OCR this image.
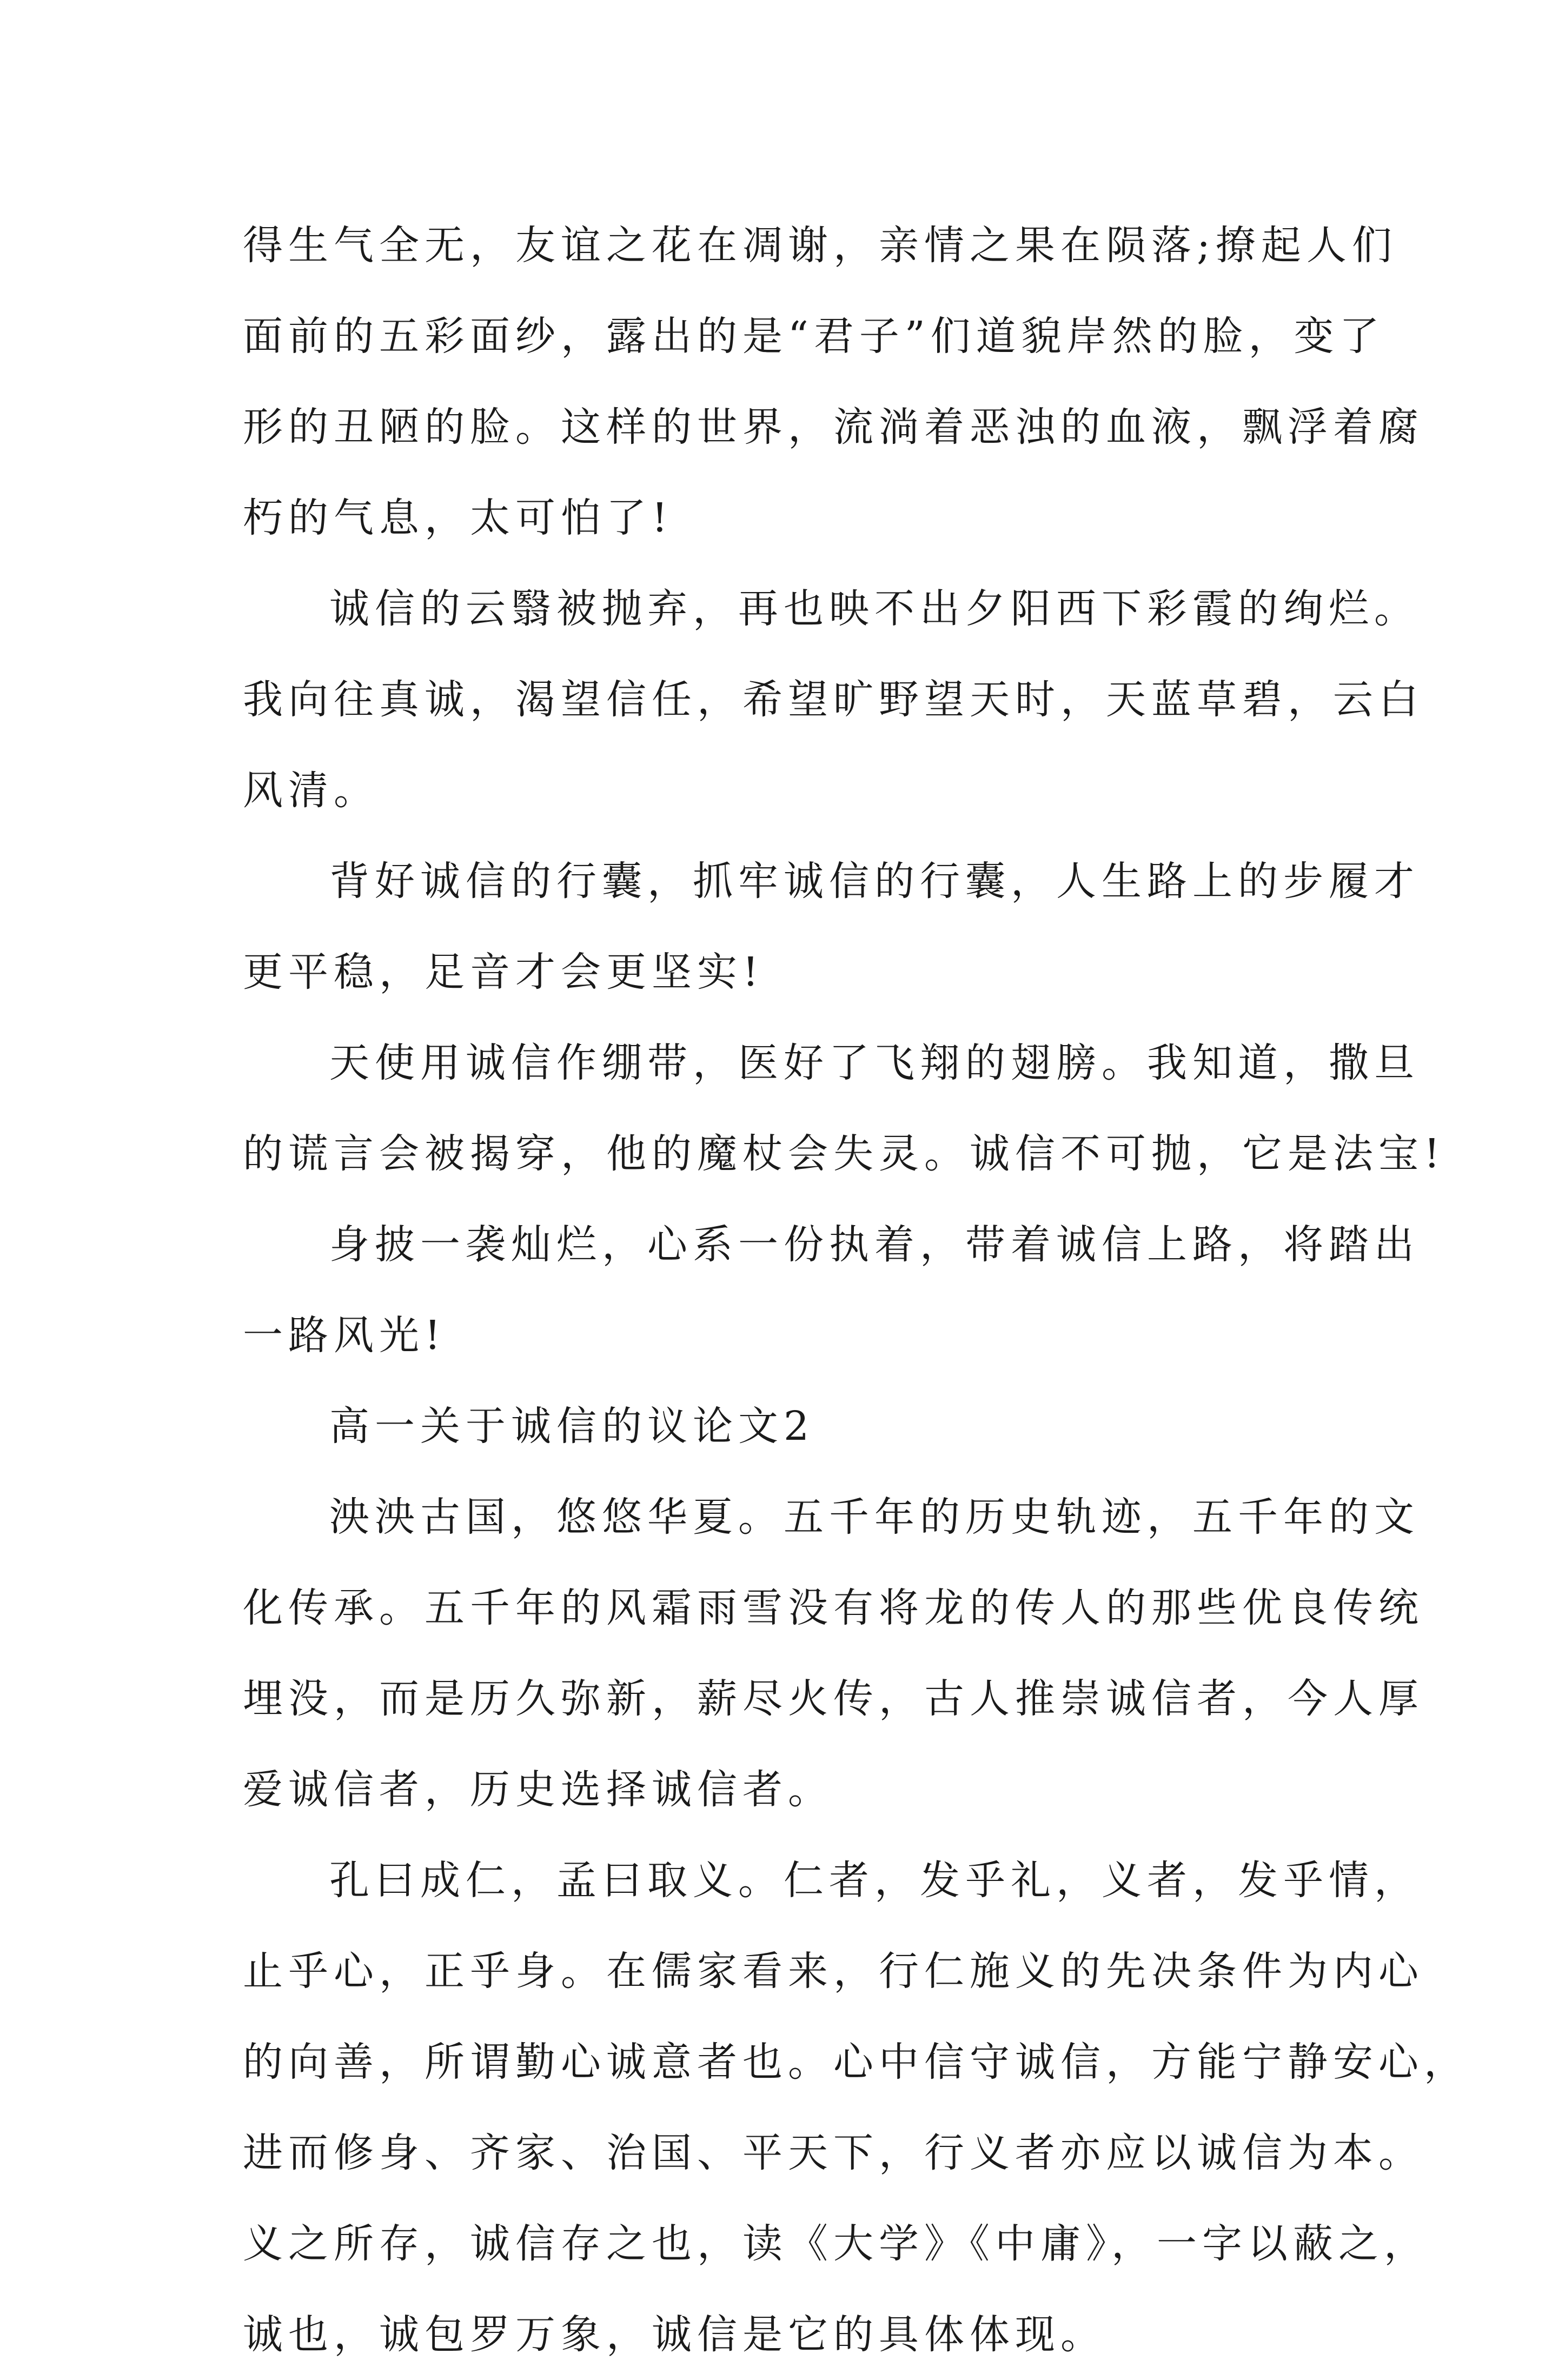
得生气全无，友谊之花在凋谢，亲情之果在陨落;撩起人们
面前的五彩面纱，露出的是“君子”们道貌岸然的脸，变了
形的丑陋的脸。这样的世界，流淌着恶浊的血液，飘浮着腐
朽的气息，太可怕了!
诚信的云翳被抛弃，再也映不出夕阳西下彩霞的绚烂。
我向往真诚，渴望信任，希望旷野望天时，天蓝草碧，云白
风清。
背好诚信的行囊，抓牢诚信的行囊，人生路上的步履才
更平稳，足音才会更坚实!
天使用诚信作绷带，医好了飞翔的翅膀。我知道，撒旦
的谎言会被揭穿，他的魔杖会失灵。诚信不可抛，它是法宝!
身披一袭灿烂，心系一份执着，带着诚信上路，将踏出
一路风光!
高一关于诚信的议论文2
泱泱古国，悠悠华夏。五千年的历史轨迹，五千年的文
化传承。五千年的风霜雨雪没有将龙的传人的那些优良传统
埋没，而是历久弥新，薪尽火传，古人推崇诚信者，今人厚
爱诚信者，历史选择诚信者。
孔曰成仁，孟曰取义。仁者，发乎礼，义者，发乎情，
止乎心，正乎身。在儒家看来，行仁施义的先决条件为内心
的向善，所谓勤心诚意者也。心中信守诚信，方能宁静安心，
进而修身、齐家、治国、平天下，行义者亦应以诚信为本。
义之所存，诚信存之也，读《大学》《中庸》，一字以蔽之，
诚也，诚包罗万象，诚信是它的具体体现。
